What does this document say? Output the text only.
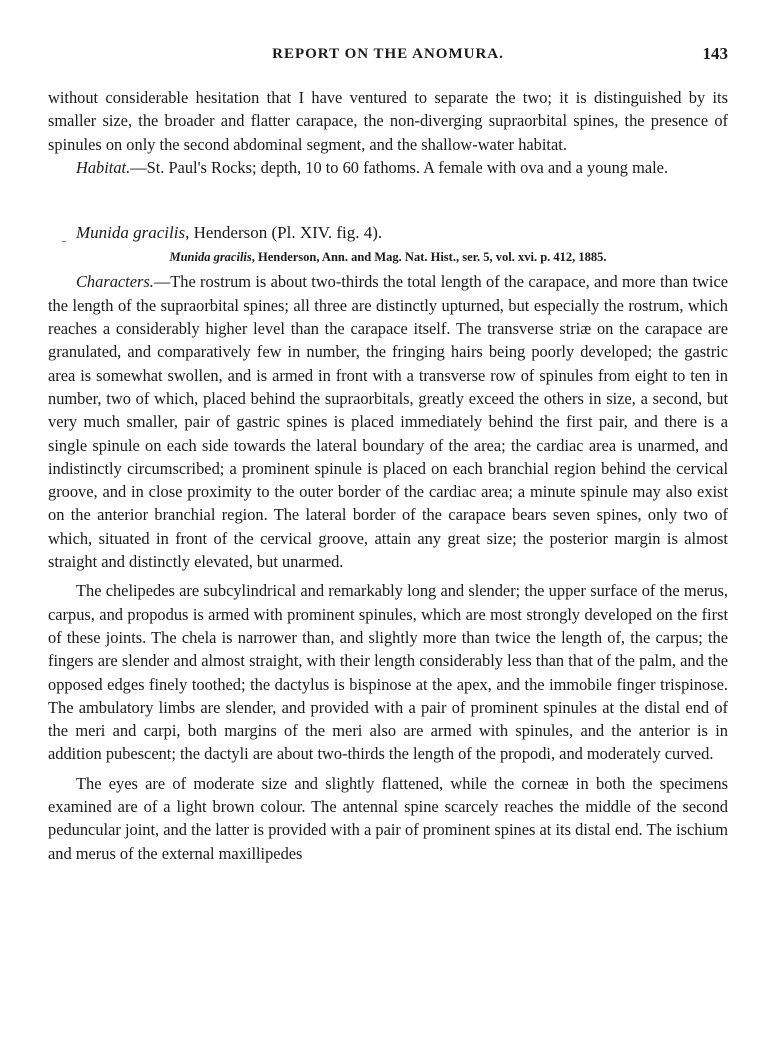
REPORT ON THE ANOMURA.	143

without considerable hesitation that I have ventured to separate the two; it is distinguished by its smaller size, the broader and flatter carapace, the non-diverging supraorbital spines, the presence of spinules on only the second abdominal segment, and the shallow-water habitat.

Habitat.—St. Paul's Rocks; depth, 10 to 60 fathoms. A female with ova and a young male.

Munida gracilis, Henderson (Pl. XIV. fig. 4).

Munida gracilis, Henderson, Ann. and Mag. Nat. Hist., ser. 5, vol. xvi. p. 412, 1885.

Characters.—The rostrum is about two-thirds the total length of the carapace, and more than twice the length of the supraorbital spines; all three are distinctly upturned, but especially the rostrum, which reaches a considerably higher level than the carapace itself. The transverse striæ on the carapace are granulated, and comparatively few in number, the fringing hairs being poorly developed; the gastric area is somewhat swollen, and is armed in front with a transverse row of spinules from eight to ten in number, two of which, placed behind the supraorbitals, greatly exceed the others in size, a second, but very much smaller, pair of gastric spines is placed immediately behind the first pair, and there is a single spinule on each side towards the lateral boundary of the area; the cardiac area is unarmed, and indistinctly circumscribed; a prominent spinule is placed on each branchial region behind the cervical groove, and in close proximity to the outer border of the cardiac area; a minute spinule may also exist on the anterior branchial region. The lateral border of the carapace bears seven spines, only two of which, situated in front of the cervical groove, attain any great size; the posterior margin is almost straight and distinctly elevated, but unarmed.

The chelipedes are subcylindrical and remarkably long and slender; the upper surface of the merus, carpus, and propodus is armed with prominent spinules, which are most strongly developed on the first of these joints. The chela is narrower than, and slightly more than twice the length of, the carpus; the fingers are slender and almost straight, with their length considerably less than that of the palm, and the opposed edges finely toothed; the dactylus is bispinose at the apex, and the immobile finger trispinose. The ambulatory limbs are slender, and provided with a pair of prominent spinules at the distal end of the meri and carpi, both margins of the meri also are armed with spinules, and the anterior is in addition pubescent; the dactyli are about two-thirds the length of the propodi, and moderately curved.

The eyes are of moderate size and slightly flattened, while the corneæ in both the specimens examined are of a light brown colour. The antennal spine scarcely reaches the middle of the second peduncular joint, and the latter is provided with a pair of prominent spines at its distal end. The ischium and merus of the external maxillipedes
